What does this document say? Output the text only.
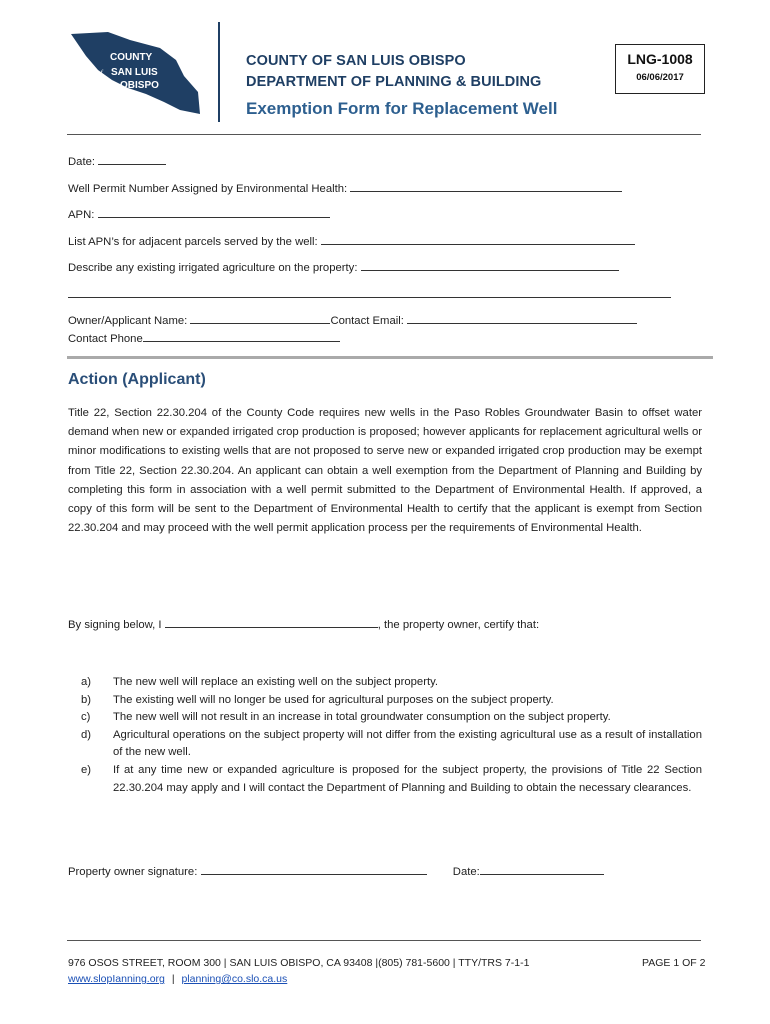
COUNTY
of SAN LUIS
OBISPO
COUNTY OF SAN LUIS OBISPO
DEPARTMENT OF PLANNING & BUILDING
Exemption Form for Replacement Well
LNG-1008
06/06/2017
Date:
Well Permit Number Assigned by Environmental Health:
APN:
List APN’s for adjacent parcels served by the well:
Describe any existing irrigated agriculture on the property:
Owner/Applicant Name:	Contact Email:
Contact Phone
Action (Applicant)
Title 22, Section 22.30.204 of the County Code requires new wells in the Paso Robles Groundwater Basin to offset water demand when new or expanded irrigated crop production is proposed; however applicants for replacement agricultural wells or minor modifications to existing wells that are not proposed to serve new or expanded irrigated crop production may be exempt from Title 22, Section 22.30.204. An applicant can obtain a well exemption from the Department of Planning and Building by completing this form in association with a well permit submitted to the Department of Environmental Health. If approved, a copy of this form will be sent to the Department of Environmental Health to certify that the applicant is exempt from Section 22.30.204 and may proceed with the well permit application process per the requirements of Environmental Health.
By signing below, I	, the property owner, certify that:
a) The new well will replace an existing well on the subject property.
b) The existing well will no longer be used for agricultural purposes on the subject property.
c) The new well will not result in an increase in total groundwater consumption on the subject property.
d) Agricultural operations on the subject property will not differ from the existing agricultural use as a result of installation of the new well.
e) If at any time new or expanded agriculture is proposed for the subject property, the provisions of Title 22 Section 22.30.204 may apply and I will contact the Department of Planning and Building to obtain the necessary clearances.
Property owner signature:	Date:
976 OSOS STREET, ROOM 300 | SAN LUIS OBISPO, CA 93408 |(805) 781-5600 | TTY/TRS 7-1-1
www.slopIanning.org | planning@co.slo.ca.us
PAGE 1 OF 2
